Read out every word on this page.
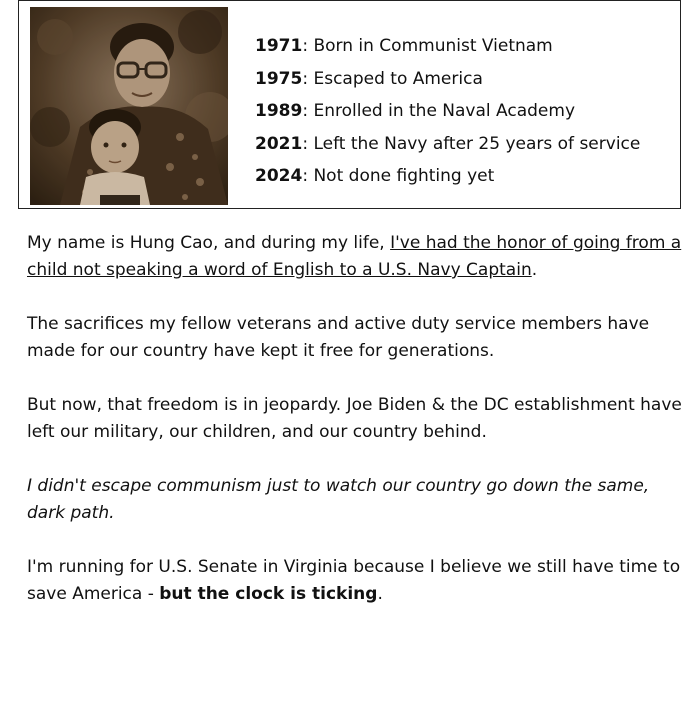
1971: Born in Communist Vietnam
1975: Escaped to America
1989: Enrolled in the Naval Academy
2021: Left the Navy after 25 years of service
2024: Not done fighting yet

My name is Hung Cao, and during my life, I've had the honor of going from a child not speaking a word of English to a U.S. Navy Captain.

The sacrifices my fellow veterans and active duty service members have made for our country have kept it free for generations.

But now, that freedom is in jeopardy. Joe Biden & the DC establishment have left our military, our children, and our country behind.

I didn't escape communism just to watch our country go down the same, dark path.

I'm running for U.S. Senate in Virginia because I believe we still have time to save America - but the clock is ticking.
